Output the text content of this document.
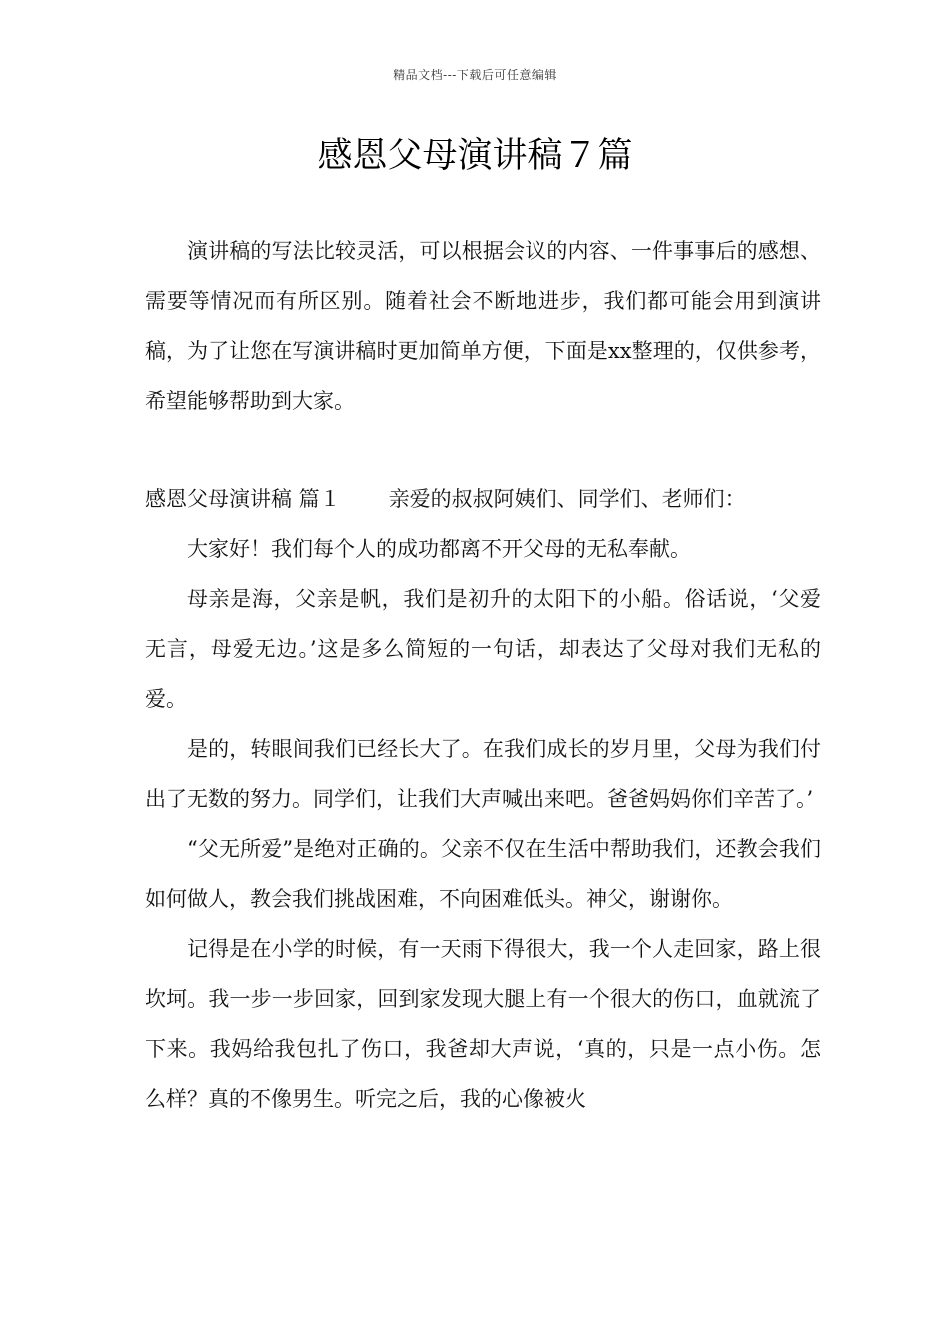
精品文档---下载后可任意编辑
感恩父母演讲稿７篇

演讲稿的写法比较灵活，可以根据会议的内容、一件事事后的感想、需要等情况而有所区别。随着社会不断地进步，我们都可能会用到演讲稿，为了让您在写演讲稿时更加简单方便，下面是xx整理的，仅供参考，希望能够帮助到大家。

感恩父母演讲稿 篇１ 亲爱的叔叔阿姨们、同学们、老师们：

大家好！我们每个人的成功都离不开父母的无私奉献。

母亲是海，父亲是帆，我们是初升的太阳下的小船。俗话说，‘父爱无言，母爱无边。’这是多么简短的一句话，却表达了父母对我们无私的爱。

是的，转眼间我们已经长大了。在我们成长的岁月里，父母为我们付出了无数的努力。同学们，让我们大声喊出来吧。爸爸妈妈你们辛苦了。’

“父无所爱”是绝对正确的。父亲不仅在生活中帮助我们，还教会我们如何做人，教会我们挑战困难，不向困难低头。神父，谢谢你。

记得是在小学的时候，有一天雨下得很大，我一个人走回家，路上很坎坷。我一步一步回家，回到家发现大腿上有一个很大的伤口，血就流了下来。我妈给我包扎了伤口，我爸却大声说，‘真的，只是一点小伤。怎么样？真的不像男生。听完之后，我的心像被火
